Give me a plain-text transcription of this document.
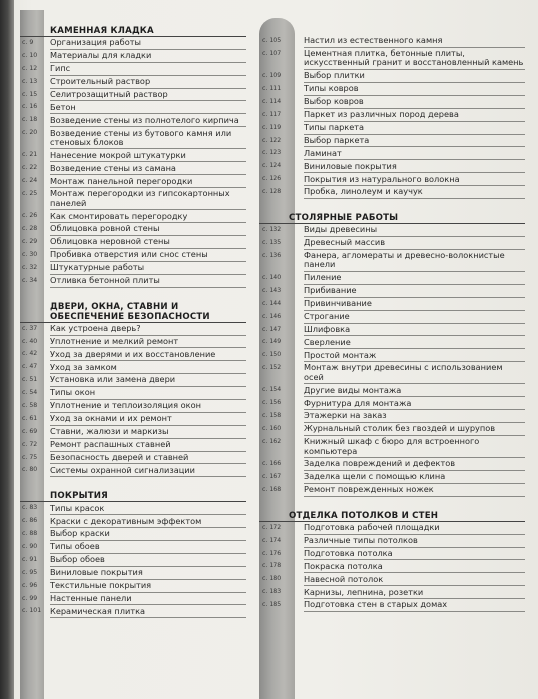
КАМЕННАЯ КЛАДКА
с. 9	Организация работы
с. 10	Материалы для кладки
с. 12	Гипс
с. 13	Строительный раствор
с. 15	Селитрозащитный раствор
с. 16	Бетон
с. 18	Возведение стены из полнотелого кирпича
с. 20	Возведение стены из бутового камня или стеновых блоков
с. 21	Нанесение мокрой штукатурки
с. 22	Возведение стены из самана
с. 24	Монтаж панельной перегородки
с. 25	Монтаж перегородки из гипсокартонных панелей
с. 26	Как смонтировать перегородку
с. 28	Облицовка ровной стены
с. 29	Облицовка неровной стены
с. 30	Пробивка отверстия или снос стены
с. 32	Штукатурные работы
с. 34	Отливка бетонной плиты
ДВЕРИ, ОКНА, СТАВНИ И ОБЕСПЕЧЕНИЕ БЕЗОПАСНОСТИ
с. 37	Как устроена дверь?
с. 40	Уплотнение и мелкий ремонт
с. 42	Уход за дверями и их восстановление
с. 47	Уход за замком
с. 51	Установка или замена двери
с. 54	Типы окон
с. 58	Уплотнение и теплоизоляция окон
с. 61	Уход за окнами и их ремонт
с. 69	Ставни, жалюзи и маркизы
с. 72	Ремонт распашных ставней
с. 75	Безопасность дверей и ставней
с. 80	Системы охранной сигнализации
ПОКРЫТИЯ
с. 83	Типы красок
с. 86	Краски с декоративным эффектом
с. 88	Выбор краски
с. 90	Типы обоев
с. 91	Выбор обоев
с. 95	Виниловые покрытия
с. 96	Текстильные покрытия
с. 99	Настенные панели
с. 101	Керамическая плитка
с. 105	Настил из естественного камня
с. 107	Цементная плитка, бетонные плиты, искусственный гранит и восстановленный камень
с. 109	Выбор плитки
с. 111	Типы ковров
с. 114	Выбор ковров
с. 117	Паркет из различных пород дерева
с. 119	Типы паркета
с. 122	Выбор паркета
с. 123	Ламинат
с. 124	Виниловые покрытия
с. 126	Покрытия из натурального волокна
с. 128	Пробка, линолеум и каучук
СТОЛЯРНЫЕ РАБОТЫ
с. 132	Виды древесины
с. 135	Древесный массив
с. 136	Фанера, агломераты и древесно-волокнистые панели
с. 140	Пиление
с. 143	Прибивание
с. 144	Привинчивание
с. 146	Строгание
с. 147	Шлифовка
с. 149	Сверление
с. 150	Простой монтаж
с. 152	Монтаж внутри древесины с использованием осей
с. 154	Другие виды монтажа
с. 156	Фурнитура для монтажа
с. 158	Этажерки на заказ
с. 160	Журнальный столик без гвоздей и шурупов
с. 162	Книжный шкаф с бюро для встроенного компьютера
с. 166	Заделка повреждений и дефектов
с. 167	Заделка щели с помощью клина
с. 168	Ремонт поврежденных ножек
ОТДЕЛКА ПОТОЛКОВ И СТЕН
с. 172	Подготовка рабочей площадки
с. 174	Различные типы потолков
с. 176	Подготовка потолка
с. 178	Покраска потолка
с. 180	Навесной потолок
с. 183	Карнизы, лепнина, розетки
с. 185	Подготовка стен в старых домах
